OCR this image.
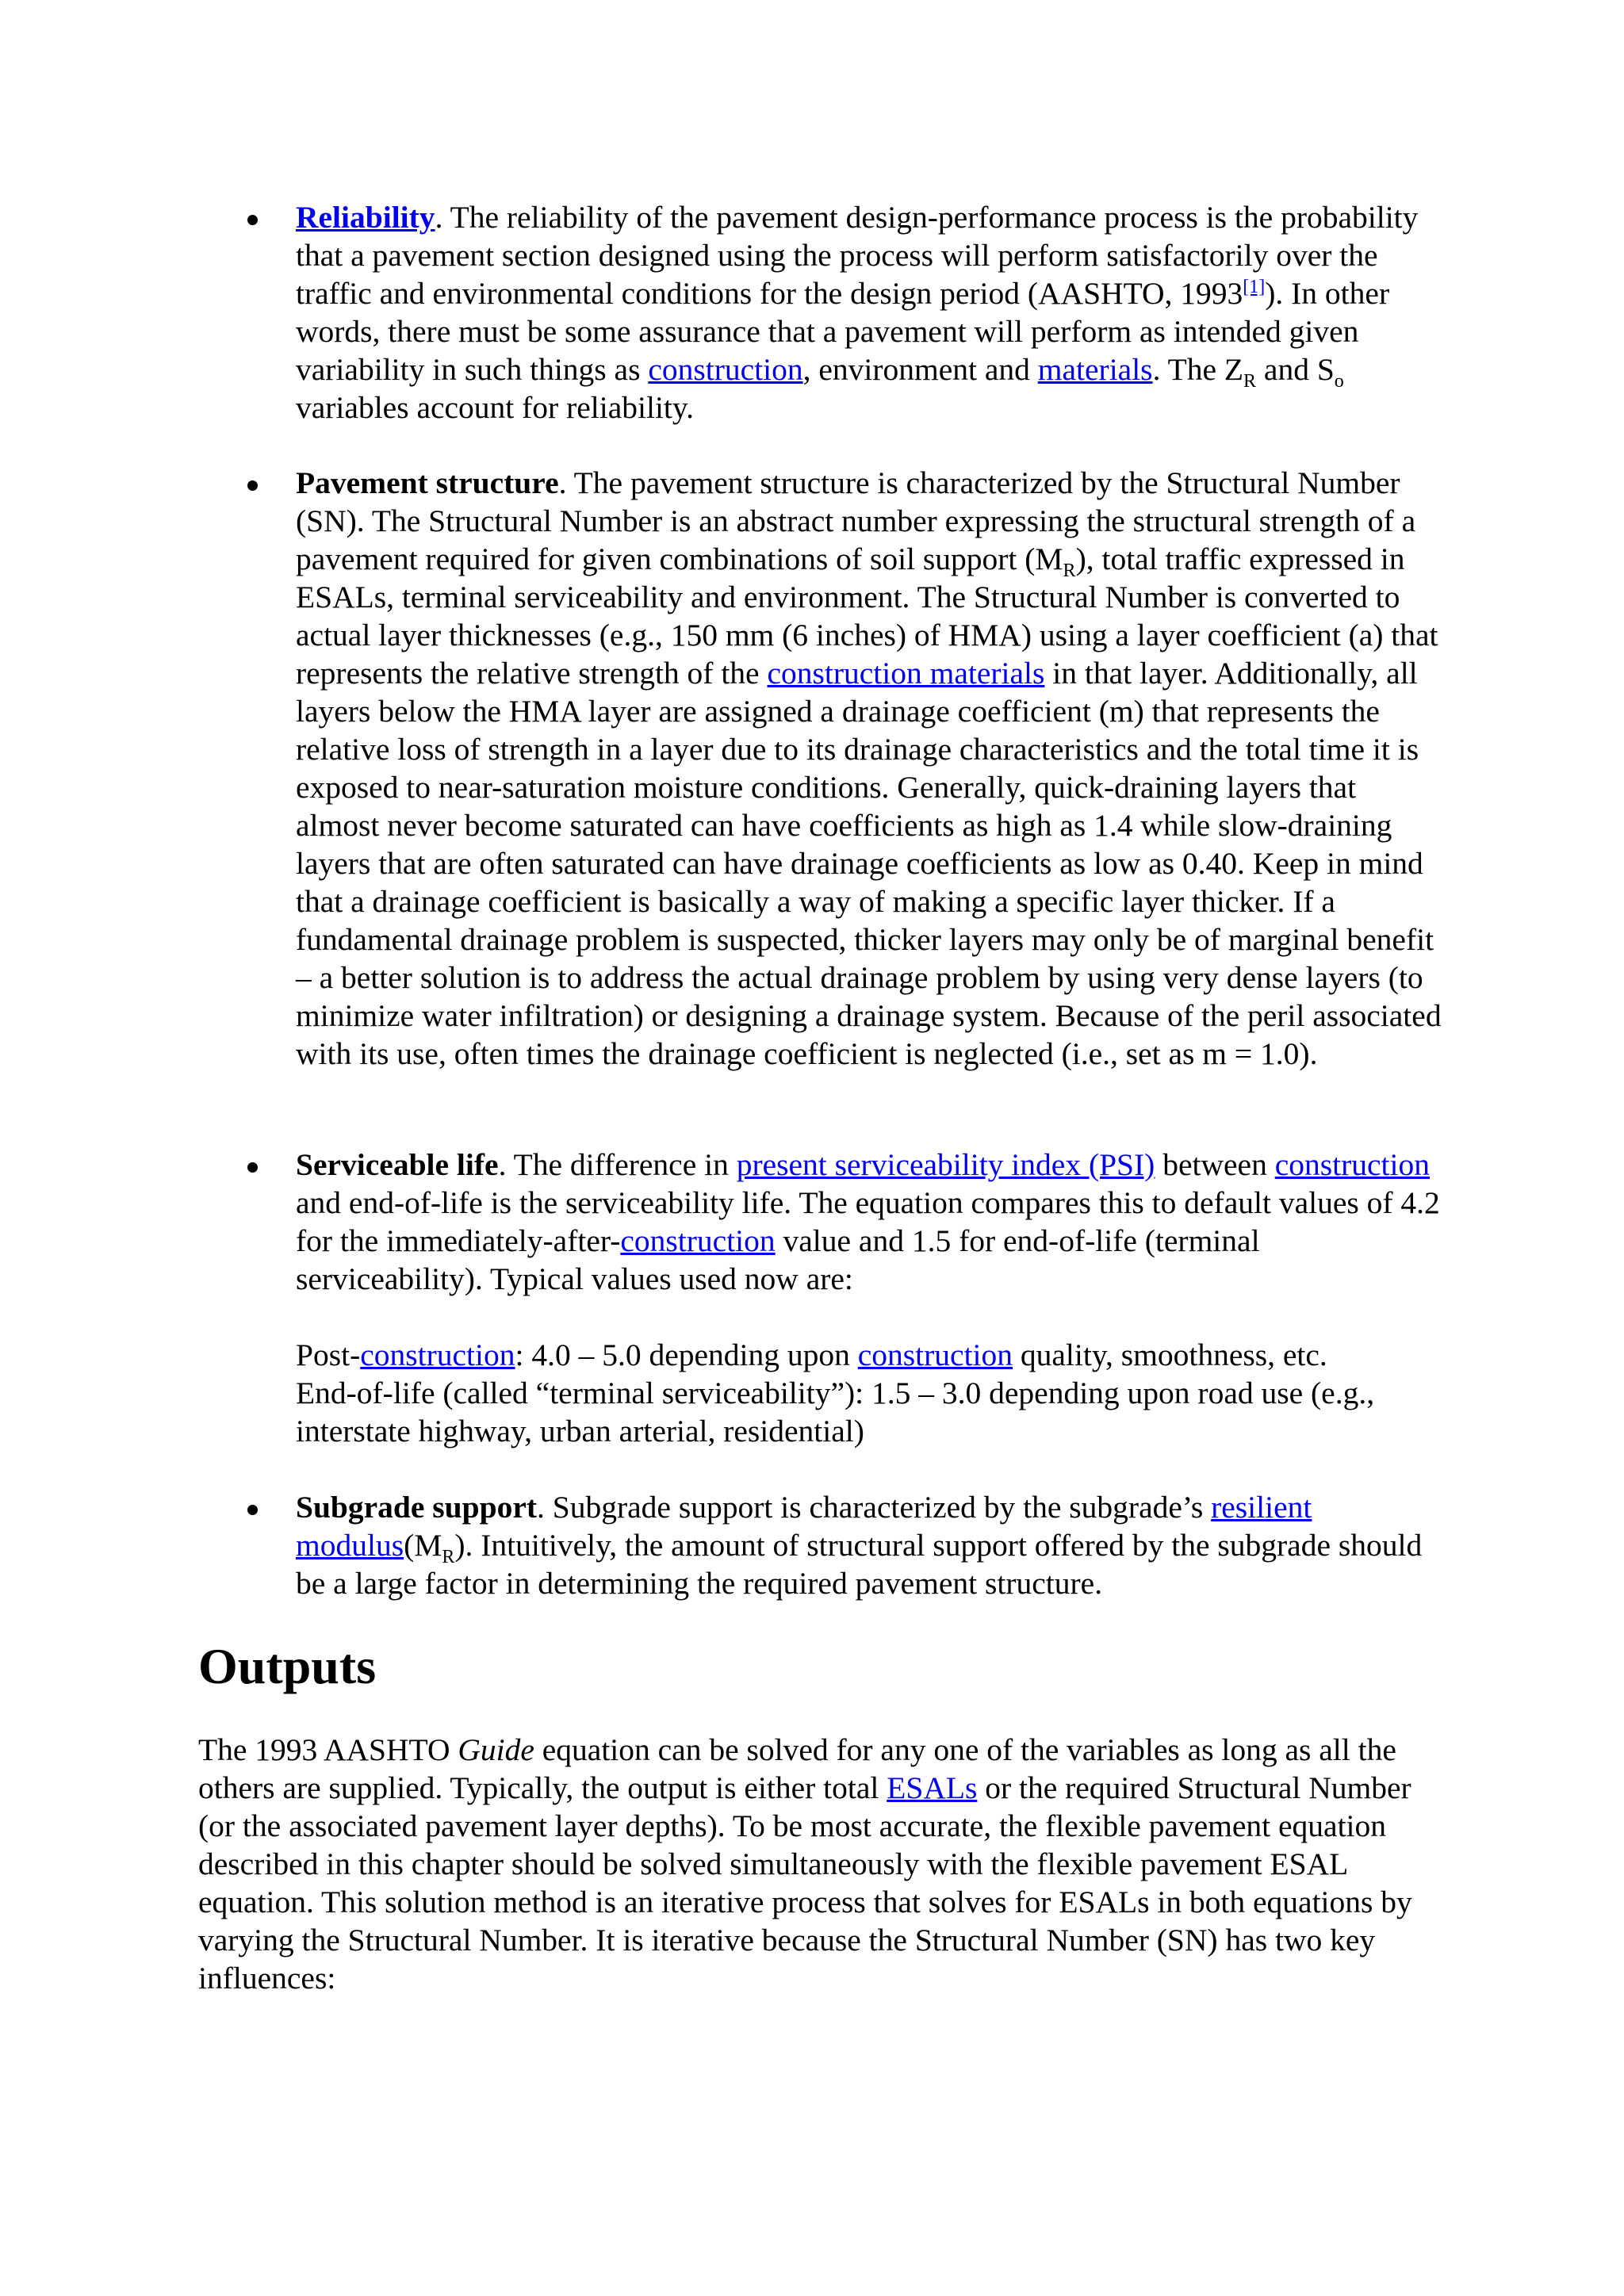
Reliability. The reliability of the pavement design-performance process is the probability that a pavement section designed using the process will perform satisfactorily over the traffic and environmental conditions for the design period (AASHTO, 1993[1]). In other words, there must be some assurance that a pavement will perform as intended given variability in such things as construction, environment and materials. The $Z_R$ and $S_o$ variables account for reliability.

Pavement structure. The pavement structure is characterized by the Structural Number (SN). The Structural Number is an abstract number expressing the structural strength of a pavement required for given combinations of soil support $(M_R)$, total traffic expressed in ESALs, terminal serviceability and environment. The Structural Number is converted to actual layer thicknesses (e.g., 150 mm (6 inches) of HMA) using a layer coefficient (a) that represents the relative strength of the construction materials in that layer. Additionally, all layers below the HMA layer are assigned a drainage coefficient (m) that represents the relative loss of strength in a layer due to its drainage characteristics and the total time it is exposed to near-saturation moisture conditions. Generally, quick-draining layers that almost never become saturated can have coefficients as high as 1.4 while slow-draining layers that are often saturated can have drainage coefficients as low as 0.40. Keep in mind that a drainage coefficient is basically a way of making a specific layer thicker. If a fundamental drainage problem is suspected, thicker layers may only be of marginal benefit – a better solution is to address the actual drainage problem by using very dense layers (to minimize water infiltration) or designing a drainage system. Because of the peril associated with its use, often times the drainage coefficient is neglected (i.e., set as m = 1.0).

Serviceable life. The difference in present serviceability index (PSI) between construction and end-of-life is the serviceability life. The equation compares this to default values of 4.2 for the immediately-after-construction value and 1.5 for end-of-life (terminal serviceability). Typical values used now are:
Post-construction: 4.0 – 5.0 depending upon construction quality, smoothness, etc.
End-of-life (called “terminal serviceability”): 1.5 – 3.0 depending upon road use (e.g., interstate highway, urban arterial, residential)

Subgrade support. Subgrade support is characterized by the subgrade’s resilient $modulus(M_R)$. Intuitively, the amount of structural support offered by the subgrade should be a large factor in determining the required pavement structure.

Outputs

The 1993 AASHTO Guide equation can be solved for any one of the variables as long as all the others are supplied. Typically, the output is either total ESALs or the required Structural Number (or the associated pavement layer depths). To be most accurate, the flexible pavement equation described in this chapter should be solved simultaneously with the flexible pavement ESAL equation. This solution method is an iterative process that solves for ESALs in both equations by varying the Structural Number. It is iterative because the Structural Number (SN) has two key influences:
